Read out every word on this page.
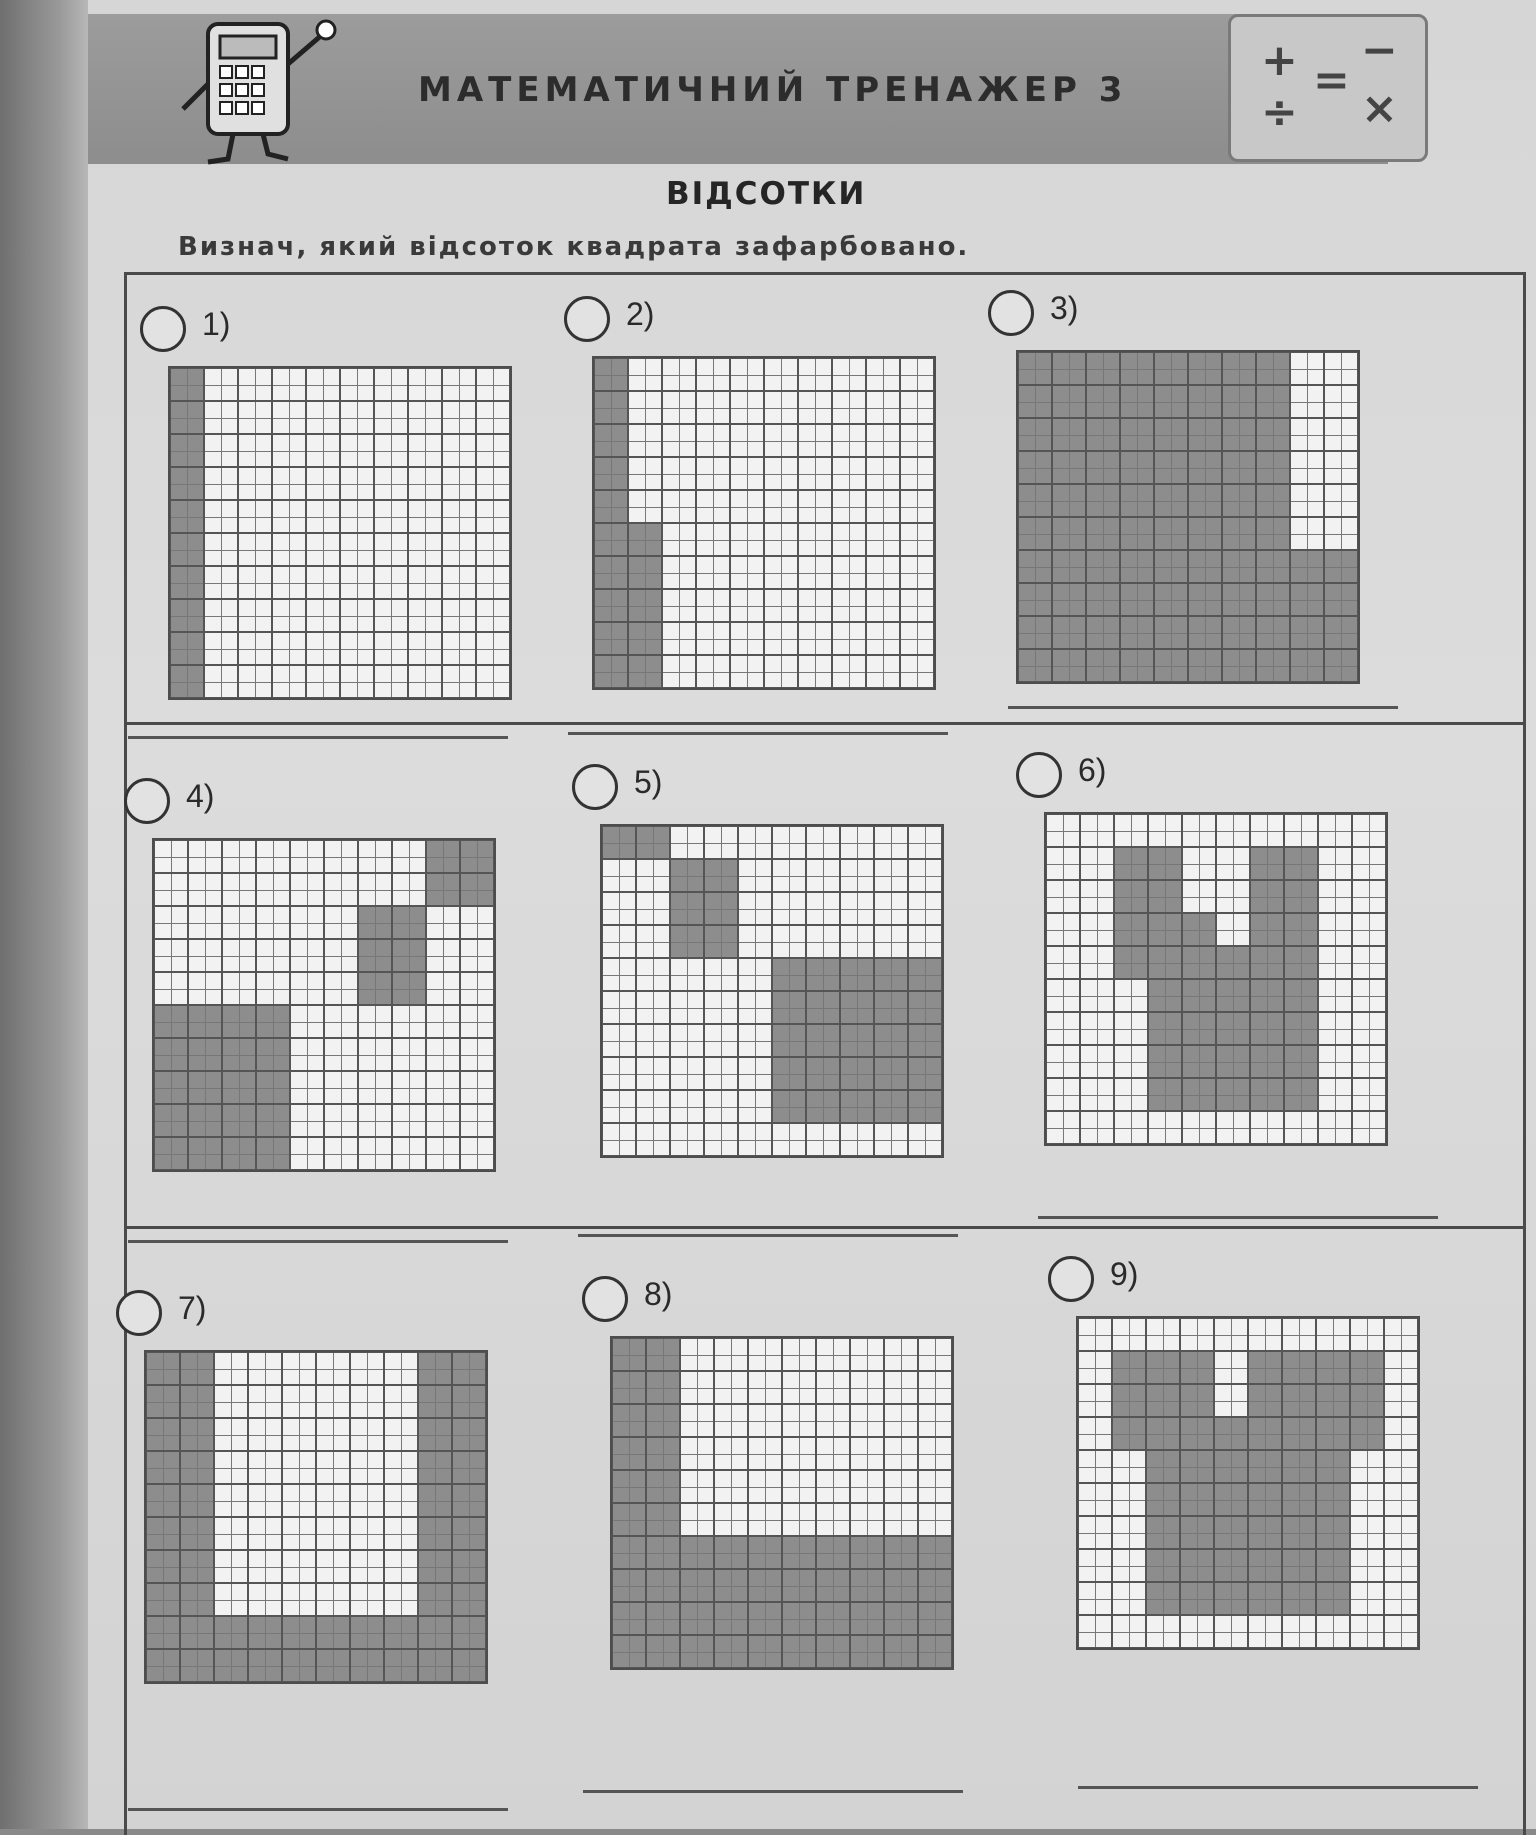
МАТЕМАТИЧНИЙ ТРЕНАЖЕР 3
+ −
=
÷ ×
ВІДСОТКИ
Визнач, який відсоток квадрата зафарбовано.
1)	2)	3)
4)	5)	6)
7)	8)
9)
